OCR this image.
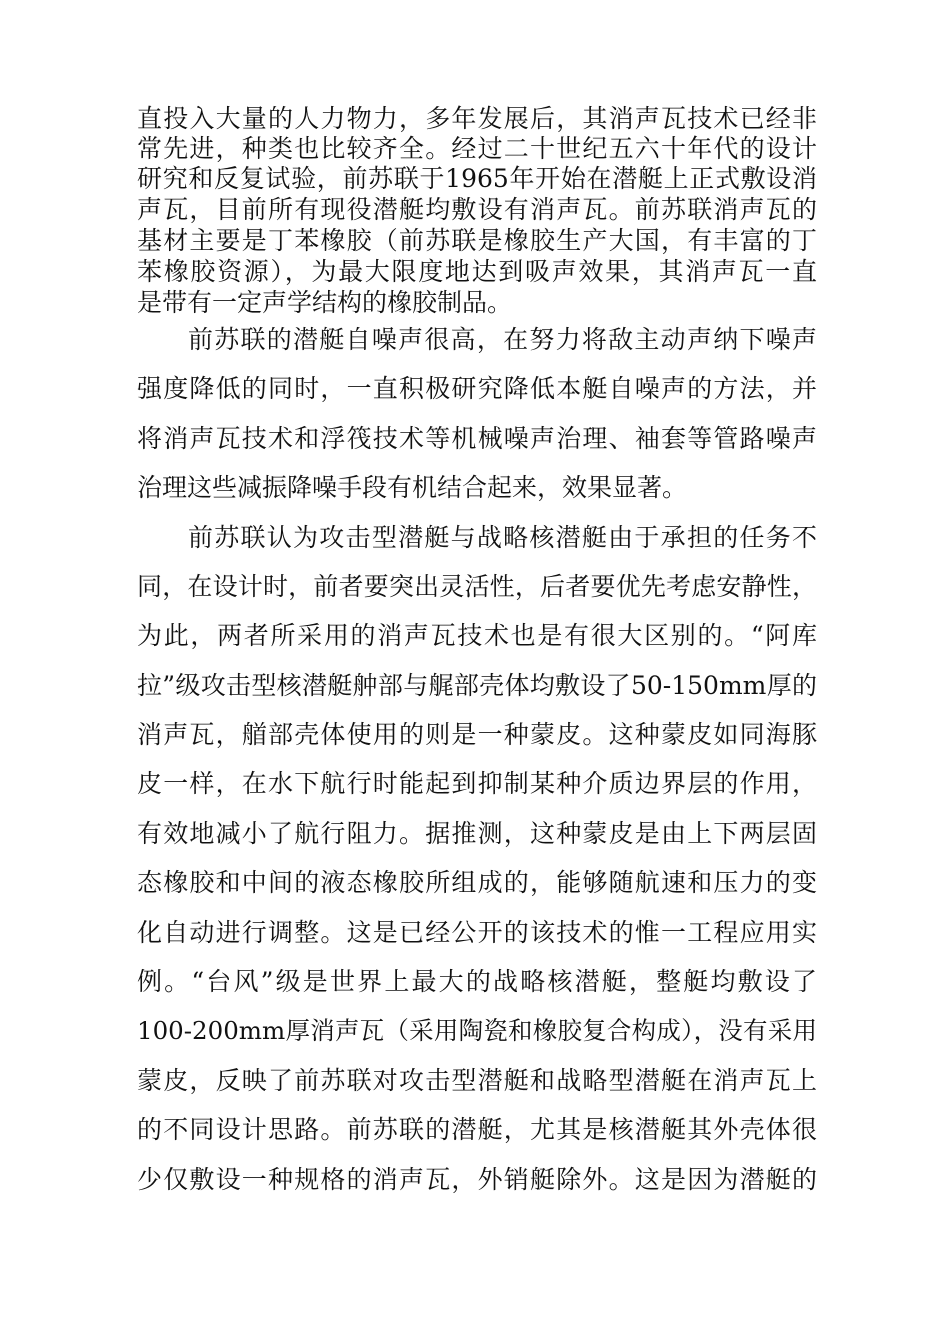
直投入大量的人力物力，多年发展后，其消声瓦技术已经非
常先进，种类也比较齐全。经过二十世纪五六十年代的设计
研究和反复试验，前苏联于1965年开始在潜艇上正式敷设消
声瓦，目前所有现役潜艇均敷设有消声瓦。前苏联消声瓦的
基材主要是丁苯橡胶（前苏联是橡胶生产大国，有丰富的丁
苯橡胶资源），为最大限度地达到吸声效果，其消声瓦一直
是带有一定声学结构的橡胶制品。
前苏联的潜艇自噪声很高，在努力将敌主动声纳下噪声
强度降低的同时，一直积极研究降低本艇自噪声的方法，并
将消声瓦技术和浮筏技术等机械噪声治理、袖套等管路噪声
治理这些减振降噪手段有机结合起来，效果显著。
前苏联认为攻击型潜艇与战略核潜艇由于承担的任务不
同，在设计时，前者要突出灵活性，后者要优先考虑安静性，
为此，两者所采用的消声瓦技术也是有很大区别的。“阿库
拉”级攻击型核潜艇舯部与艉部壳体均敷设了50-150mm厚的
消声瓦，艏部壳体使用的则是一种蒙皮。这种蒙皮如同海豚
皮一样，在水下航行时能起到抑制某种介质边界层的作用，
有效地减小了航行阻力。据推测，这种蒙皮是由上下两层固
态橡胶和中间的液态橡胶所组成的，能够随航速和压力的变
化自动进行调整。这是已经公开的该技术的惟一工程应用实
例。“台风”级是世界上最大的战略核潜艇，整艇均敷设了
100-200mm厚消声瓦（采用陶瓷和橡胶复合构成），没有采用
蒙皮，反映了前苏联对攻击型潜艇和战略型潜艇在消声瓦上
的不同设计思路。前苏联的潜艇，尤其是核潜艇其外壳体很
少仅敷设一种规格的消声瓦，外销艇除外。这是因为潜艇的
